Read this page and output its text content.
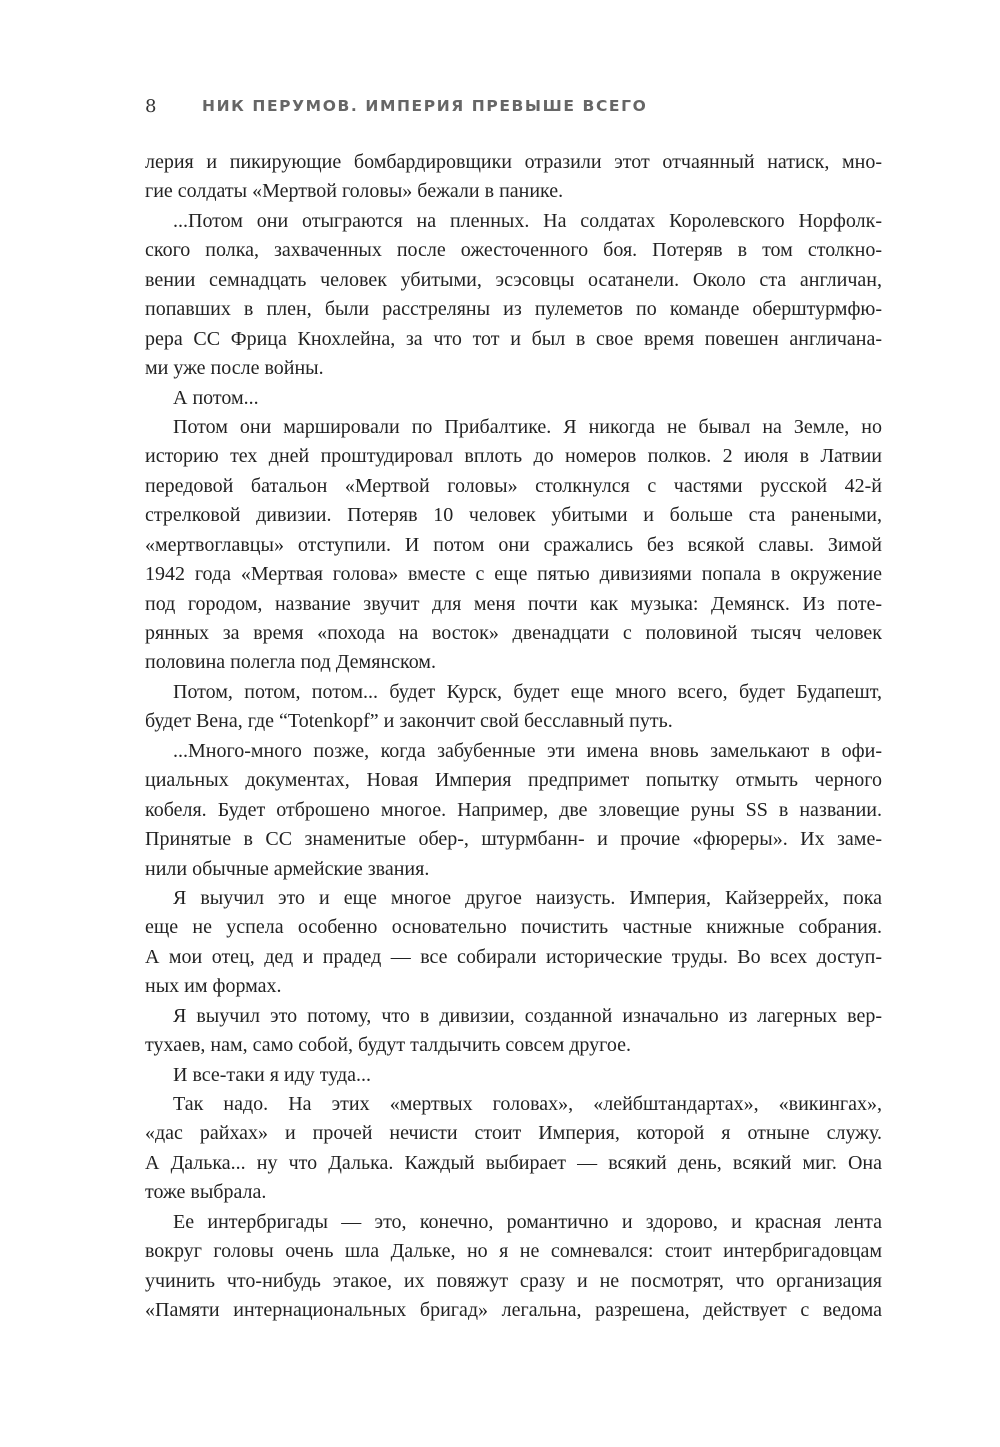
8	НИК ПЕРУМОВ. ИМПЕРИЯ ПРЕВЫШЕ ВСЕГО
лерия и пикирующие бомбардировщики отразили этот отчаянный натиск, мно-
гие солдаты «Мертвой головы» бежали в панике.
...Потом они отыграются на пленных. На солдатах Королевского Норфолк-
ского полка, захваченных после ожесточенного боя. Потеряв в том столкно-
вении семнадцать человек убитыми, эсэсовцы осатанели. Около ста англичан,
попавших в плен, были расстреляны из пулеметов по команде оберштурмфю-
рера СС Фрица Кнохлейна, за что тот и был в свое время повешен англичана-
ми уже после войны.
А потом...
Потом они маршировали по Прибалтике. Я никогда не бывал на Земле, но
историю тех дней проштудировал вплоть до номеров полков. 2 июля в Латвии
передовой батальон «Мертвой головы» столкнулся с частями русской 42-й
стрелковой дивизии. Потеряв 10 человек убитыми и больше ста ранеными,
«мертвоглавцы» отступили. И потом они сражались без всякой славы. Зимой
1942 года «Мертвая голова» вместе с еще пятью дивизиями попала в окружение
под городом, название звучит для меня почти как музыка: Демянск. Из поте-
рянных за время «похода на восток» двенадцати с половиной тысяч человек
половина полегла под Демянском.
Потом, потом, потом... будет Курск, будет еще много всего, будет Будапешт,
будет Вена, где “Totenkopf” и закончит свой бесславный путь.
...Много-много позже, когда забубенные эти имена вновь замелькают в офи-
циальных документах, Новая Империя предпримет попытку отмыть черного
кобеля. Будет отброшено многое. Например, две зловещие руны SS в названии.
Принятые в СС знаменитые обер-, штурмбанн- и прочие «фюреры». Их заме-
нили обычные армейские звания.
Я выучил это и еще многое другое наизусть. Империя, Кайзеррейх, пока
еще не успела особенно основательно почистить частные книжные собрания.
А мои отец, дед и прадед — все собирали исторические труды. Во всех доступ-
ных им формах.
Я выучил это потому, что в дивизии, созданной изначально из лагерных вер-
тухаев, нам, само собой, будут талдычить совсем другое.
И все-таки я иду туда...
Так надо. На этих «мертвых головах», «лейбштандартах», «викингах»,
«дас райхах» и прочей нечисти стоит Империя, которой я отныне служу.
А Далька... ну что Далька. Каждый выбирает — всякий день, всякий миг. Она
тоже выбрала.
Ее интербригады — это, конечно, романтично и здорово, и красная лента
вокруг головы очень шла Дальке, но я не сомневался: стоит интербригадовцам
учинить что-нибудь этакое, их повяжут сразу и не посмотрят, что организация
«Памяти интернациональных бригад» легальна, разрешена, действует с ведома
